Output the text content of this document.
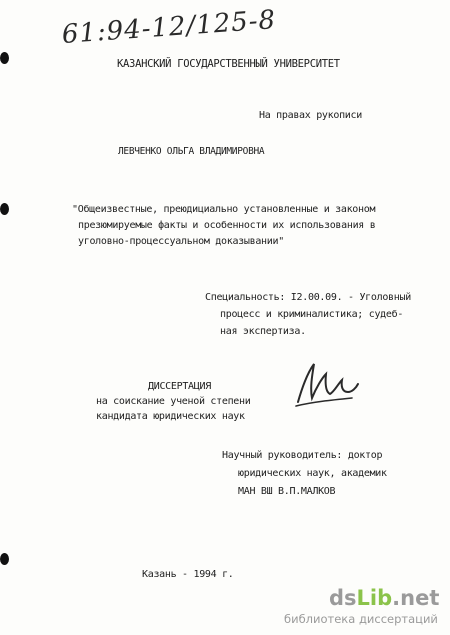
61:94-12/125-8
КАЗАНСКИЙ ГОСУДАРСТВЕННЫЙ УНИВЕРСИТЕТ
На правах рукописи
ЛЕВЧЕНКО ОЛЬГА ВЛАДИМИРОВНА
"Общеизвестные, преюдициально установленные и законом
презюмируемые факты и особенности их использования в
уголовно-процессуальном доказывании"
Специальность: I2.00.09. - Уголовный
процесс и криминалистика; судеб-
ная экспертиза.
ДИССЕРТАЦИЯ
на соискание ученой степени
кандидата юридических наук
Научный руководитель: доктор
юридических наук, академик
МАН ВШ В.П.МАЛКОВ
Казань - 1994 г.
dsLib.net
библиотека диссертаций
